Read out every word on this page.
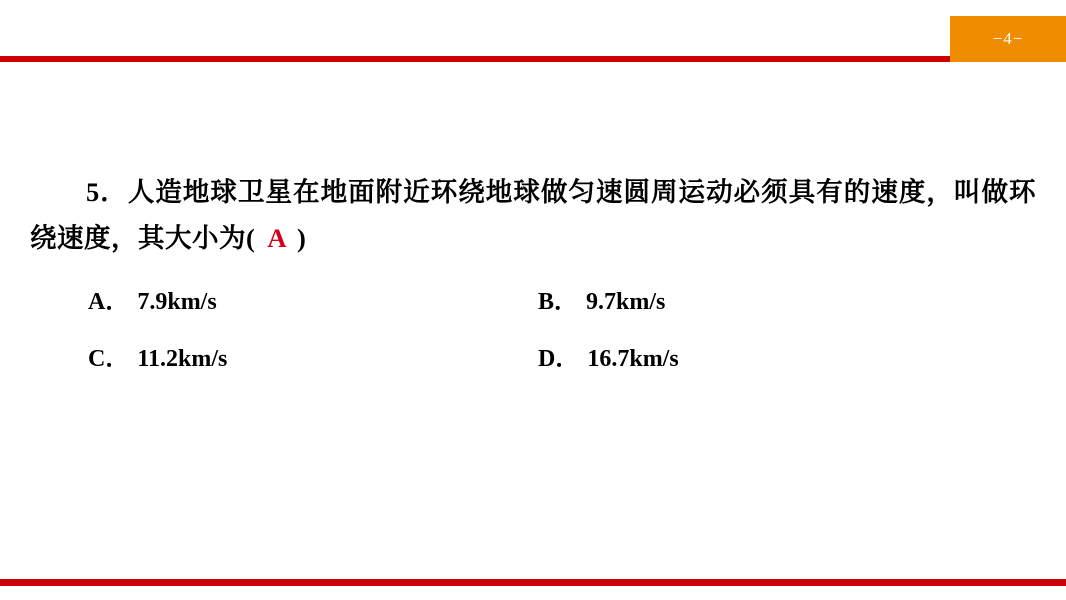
−4−
5．人造地球卫星在地面附近环绕地球做匀速圆周运动必须具有的速度，叫做环绕速度，其大小为( A )
A． 7.9km/s	B． 9.7km/s
C． 11.2km/s	D． 16.7km/s
